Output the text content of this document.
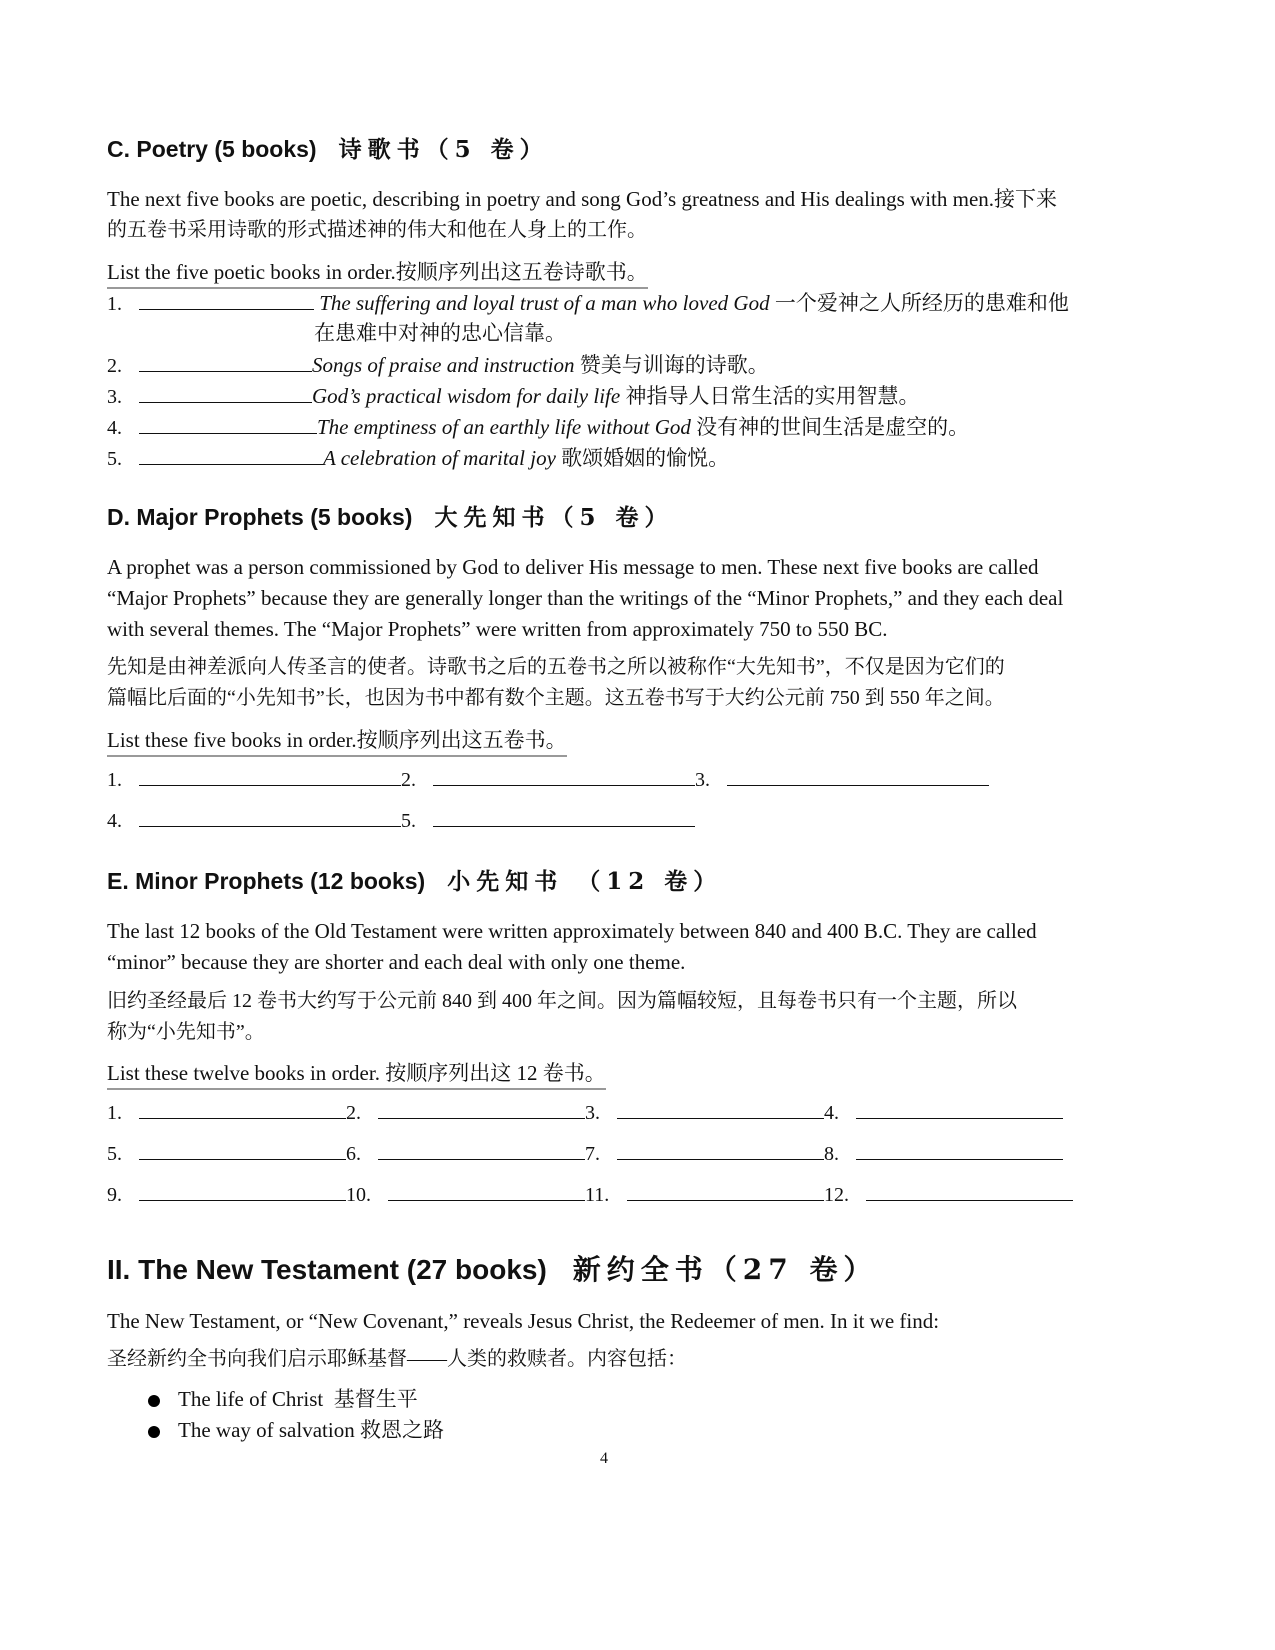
C. Poetry (5 books) 诗歌书（5 卷）
The next five books are poetic, describing in poetry and song God’s greatness and His dealings with men.接下来
的五卷书采用诗歌的形式描述神的伟大和他在人身上的工作。
List the five poetic books in order.按顺序列出这五卷诗歌书。
1.	The suffering and loyal trust of a man who loved God 一个爱神之人所经历的患难和他
在患难中对神的忠心信靠。
2.	Songs of praise and instruction 赞美与训诲的诗歌。
3.	God’s practical wisdom for daily life 神指导人日常生活的实用智慧。
4.	The emptiness of an earthly life without God 没有神的世间生活是虚空的。
5.	A celebration of marital joy 歌颂婚姻的愉悦。
D. Major Prophets (5 books) 大先知书（5 卷）
A prophet was a person commissioned by God to deliver His message to men. These next five books are called
“Major Prophets” because they are generally longer than the writings of the “Minor Prophets,” and they each deal
with several themes. The “Major Prophets” were written from approximately 750 to 550 BC.
先知是由神差派向人传圣言的使者。诗歌书之后的五卷书之所以被称作“大先知书”，不仅是因为它们的
篇幅比后面的“小先知书”长，也因为书中都有数个主题。这五卷书写于大约公元前 750 到 550 年之间。
List these five books in order.按顺序列出这五卷书。
1.	2.	3.
4.	5.
E. Minor Prophets (12 books) 小先知书 （12 卷）
The last 12 books of the Old Testament were written approximately between 840 and 400 B.C. They are called
“minor” because they are shorter and each deal with only one theme.
旧约圣经最后 12 卷书大约写于公元前 840 到 400 年之间。因为篇幅较短，且每卷书只有一个主题，所以
称为“小先知书”。
List these twelve books in order. 按顺序列出这 12 卷书。
1.	2.	3.	4.
5.	6.	7.	8.
9.	10.	11.	12.
II. The New Testament (27 books) 新约全书（27 卷）
The New Testament, or “New Covenant,” reveals Jesus Christ, the Redeemer of men. In it we find:
圣经新约全书向我们启示耶稣基督——人类的救赎者。内容包括：
The life of Christ 基督生平
The way of salvation 救恩之路
4
